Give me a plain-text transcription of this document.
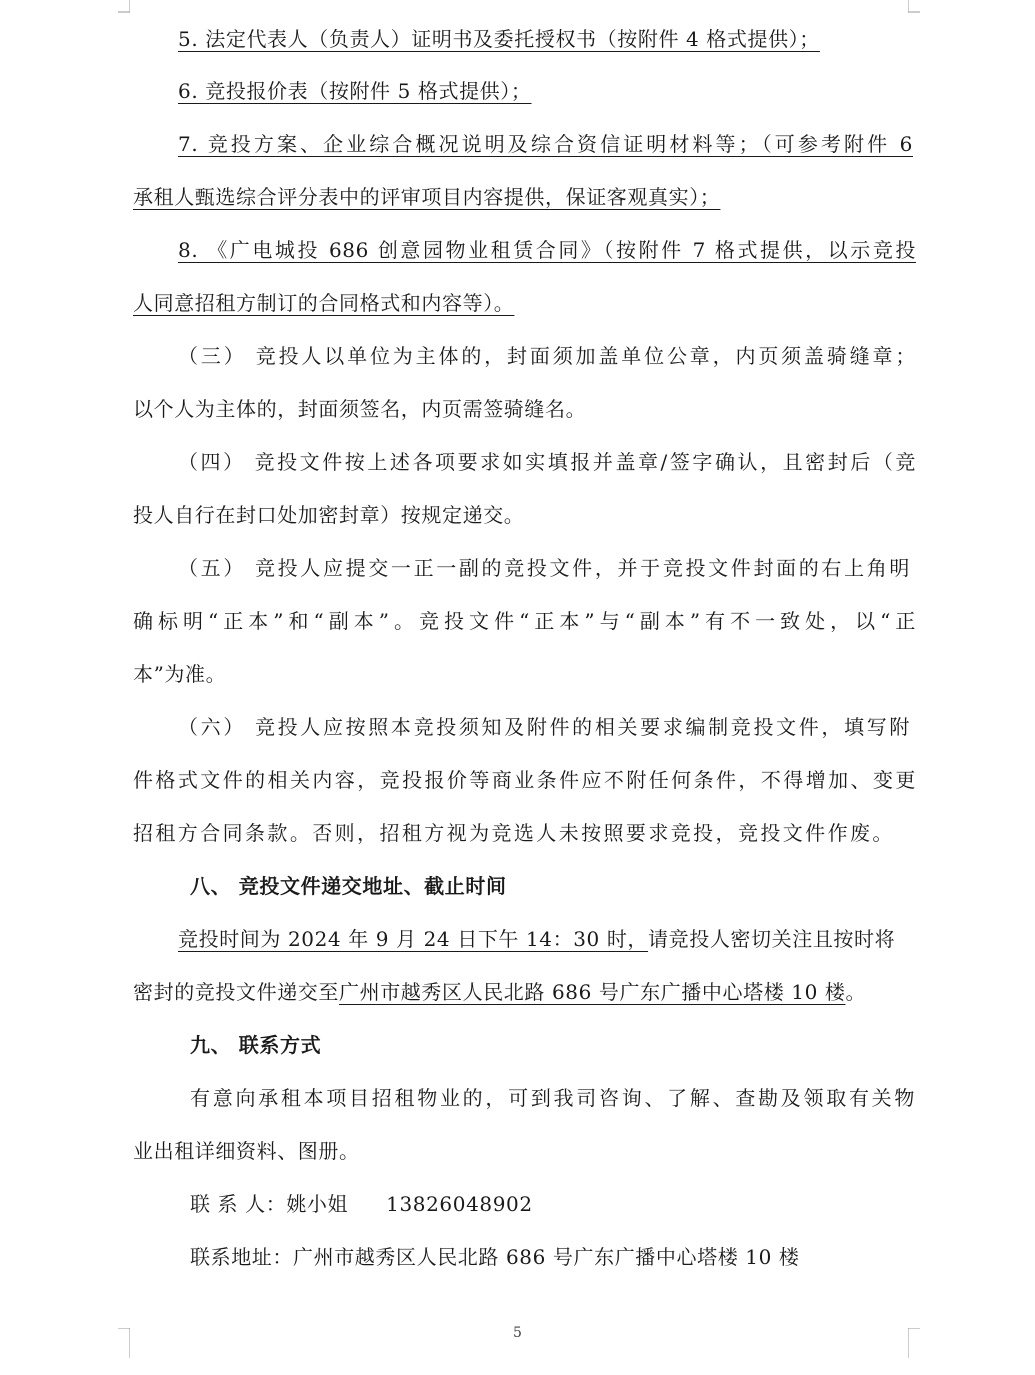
5. 法定代表人（负责人）证明书及委托授权书（按附件 4 格式提供）；
6. 竞投报价表（按附件 5 格式提供）；
7. 竞投方案、企业综合概况说明及综合资信证明材料等；（可参考附件 6
承租人甄选综合评分表中的评审项目内容提供，保证客观真实）；
8. 《广电城投 686 创意园物业租赁合同》（按附件 7 格式提供，以示竞投
人同意招租方制订的合同格式和内容等）。
（三） 竞投人以单位为主体的，封面须加盖单位公章，内页须盖骑缝章；
以个人为主体的，封面须签名，内页需签骑缝名。
（四） 竞投文件按上述各项要求如实填报并盖章/签字确认，且密封后（竞
投人自行在封口处加密封章）按规定递交。
（五） 竞投人应提交一正一副的竞投文件，并于竞投文件封面的右上角明
确标明“正本”和“副本”。竞投文件“正本”与“副本”有不一致处，以“正
本”为准。
（六） 竞投人应按照本竞投须知及附件的相关要求编制竞投文件，填写附
件格式文件的相关内容，竞投报价等商业条件应不附任何条件，不得增加、变更
招租方合同条款。否则，招租方视为竞选人未按照要求竞投，竞投文件作废。
八、 竞投文件递交地址、截止时间
竞投时间为 2024 年 9 月 24 日下午 14：30 时，请竞投人密切关注且按时将
密封的竞投文件递交至广州市越秀区人民北路 686 号广东广播中心塔楼 10 楼。
九、 联系方式
有意向承租本项目招租物业的，可到我司咨询、了解、查勘及领取有关物
业出租详细资料、图册。
联 系 人：姚小姐 13826048902
联系地址：广州市越秀区人民北路 686 号广东广播中心塔楼 10 楼
5
